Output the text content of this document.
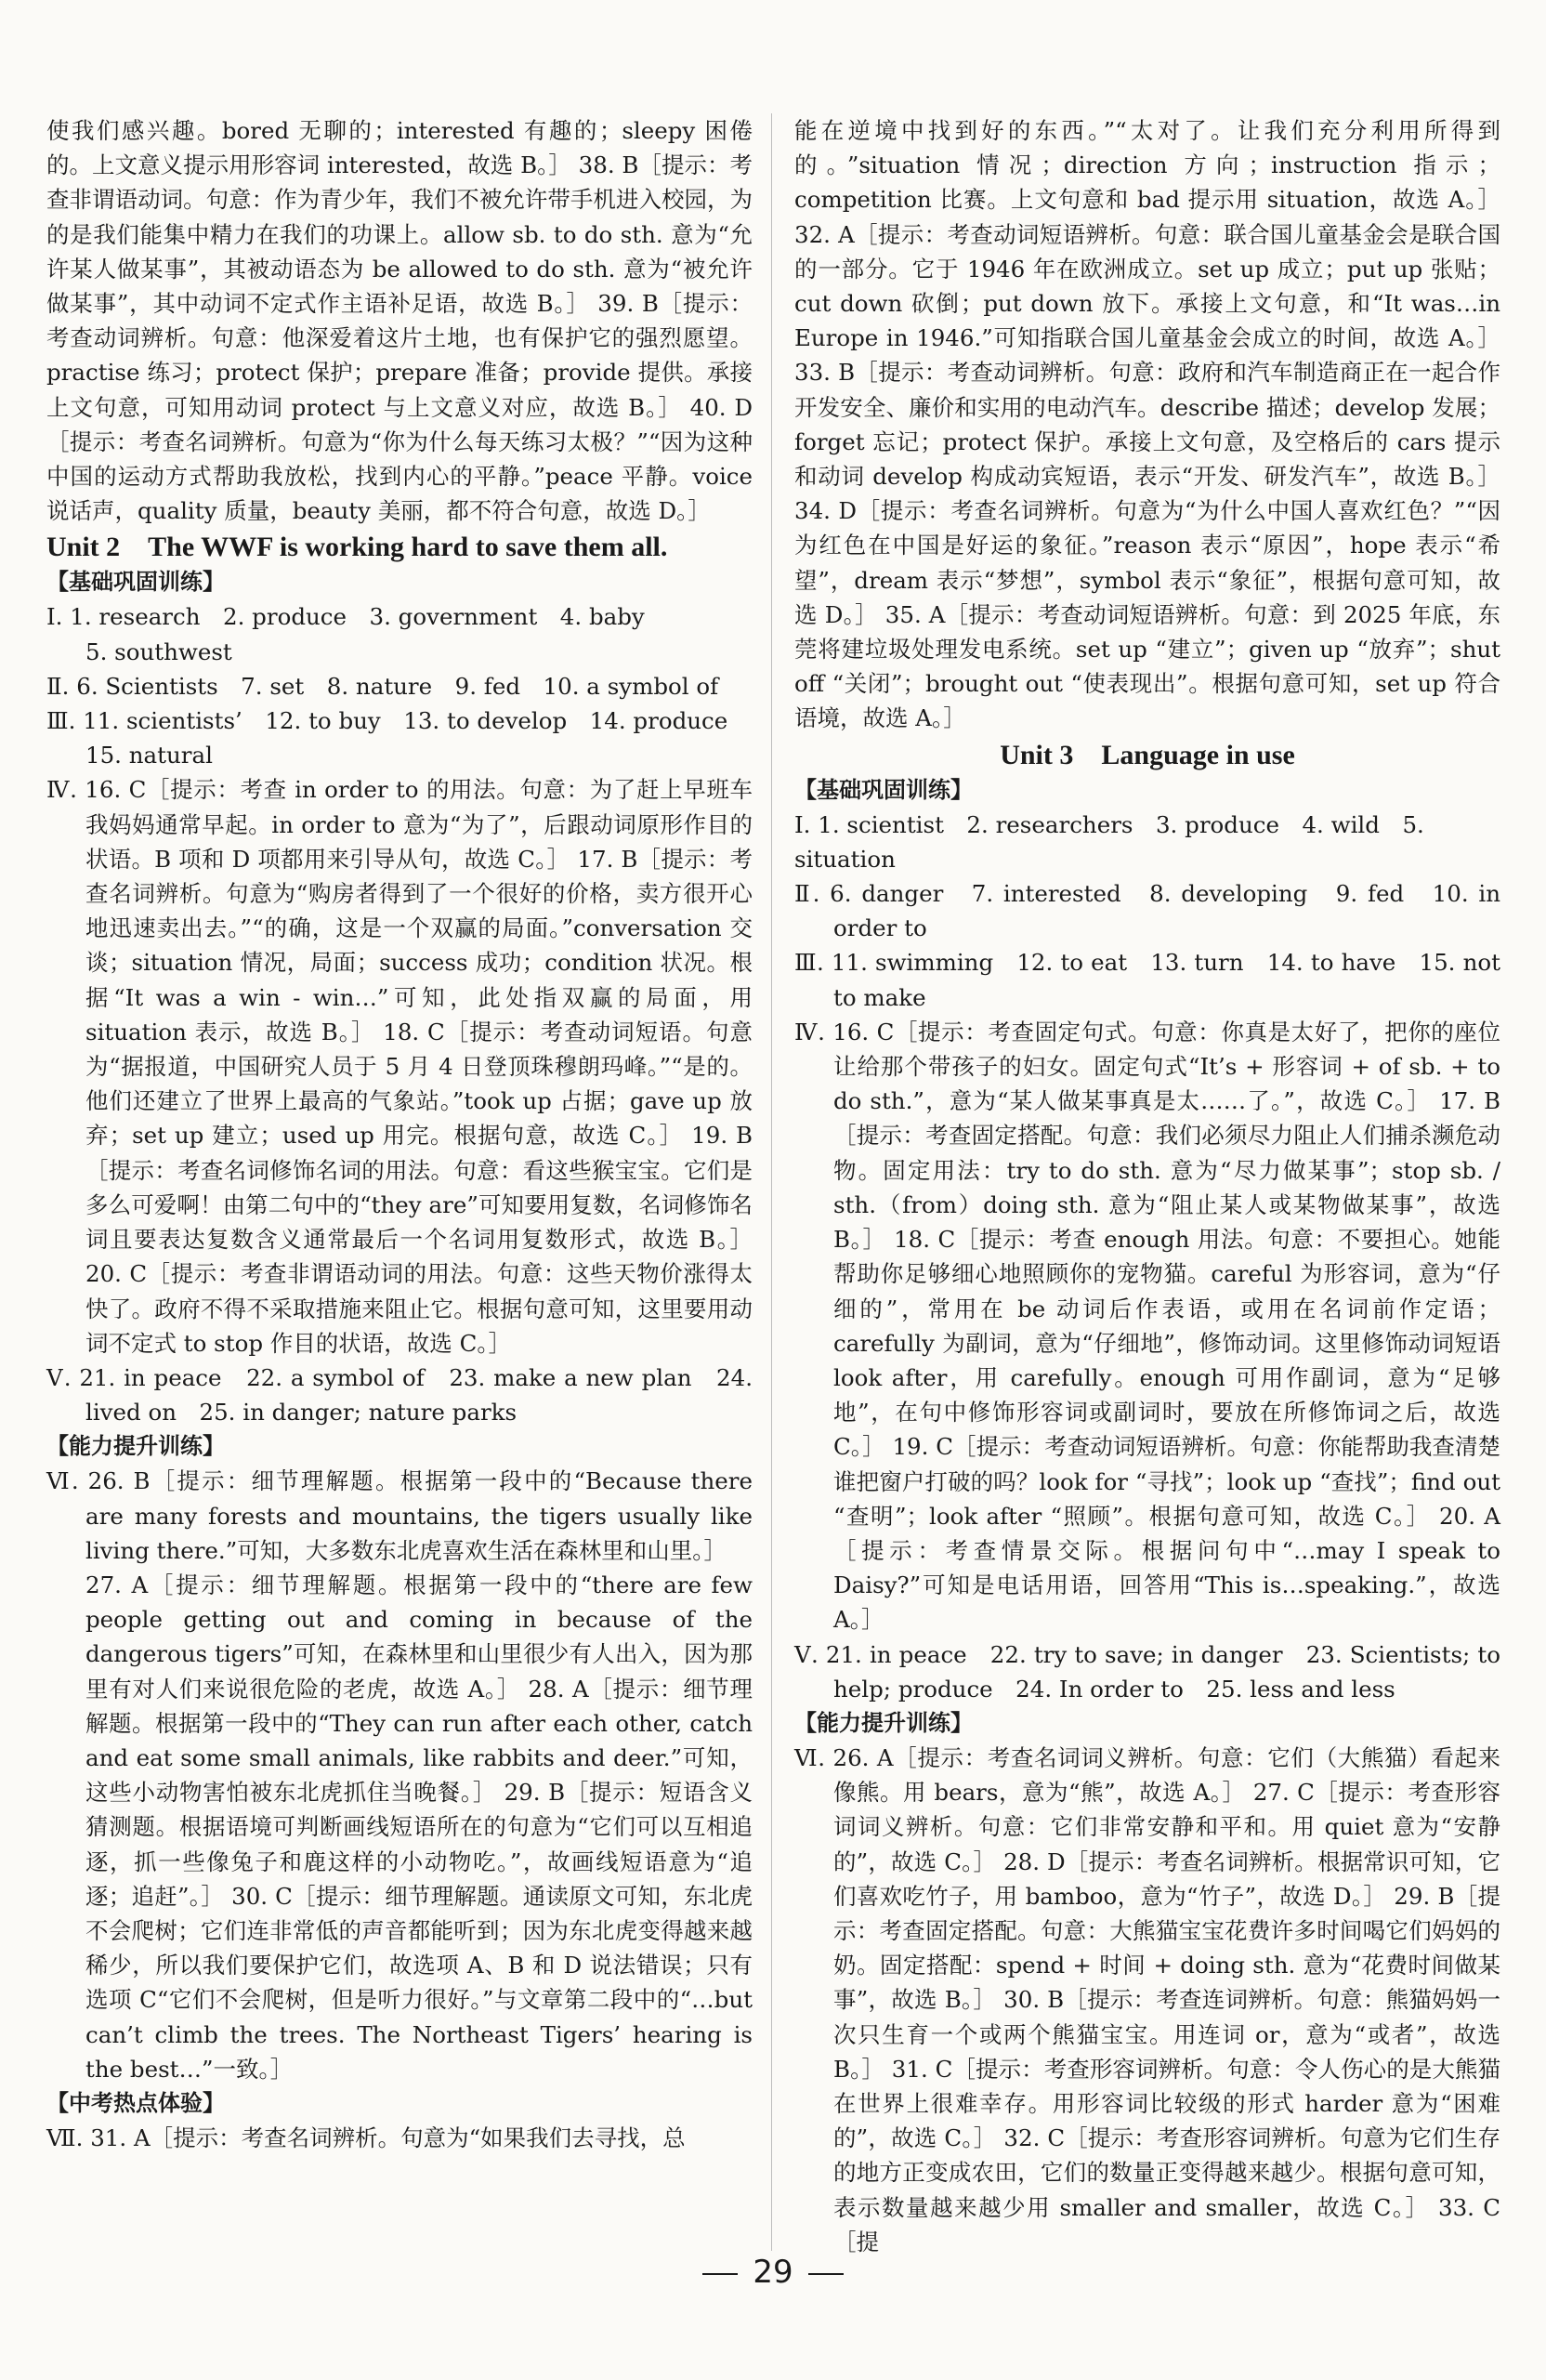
使我们感兴趣。bored 无聊的；interested 有趣的；sleepy 困倦的。上文意义提示用形容词 interested，故选 B。］ 38. B［提示：考查非谓语动词。句意：作为青少年，我们不被允许带手机进入校园，为的是我们能集中精力在我们的功课上。allow sb. to do sth. 意为“允许某人做某事”，其被动语态为 be allowed to do sth. 意为“被允许做某事”，其中动词不定式作主语补足语，故选 B。］ 39. B［提示：考查动词辨析。句意：他深爱着这片土地，也有保护它的强烈愿望。practise 练习；protect 保护；prepare 准备；provide 提供。承接上文句意，可知用动词 protect 与上文意义对应，故选 B。］ 40. D［提示：考查名词辨析。句意为“你为什么每天练习太极？”“因为这种中国的运动方式帮助我放松，找到内心的平静。”peace 平静。voice 说话声，quality 质量，beauty 美丽，都不符合句意，故选 D。］

Unit 2　The WWF is working hard to save them all.

【基础巩固训练】

Ⅰ. 1. research　2. produce　3. government　4. baby

5. southwest

Ⅱ. 6. Scientists　7. set　8. nature　9. fed　10. a symbol of

Ⅲ. 11. scientists’　12. to buy　13. to develop　14. produce

15. natural

Ⅳ. 16. C［提示：考查 in order to 的用法。句意：为了赶上早班车我妈妈通常早起。in order to 意为“为了”，后跟动词原形作目的状语。B 项和 D 项都用来引导从句，故选 C。］ 17. B［提示：考查名词辨析。句意为“购房者得到了一个很好的价格，卖方很开心地迅速卖出去。”“的确，这是一个双赢的局面。”conversation 交谈；situation 情况，局面；success 成功；condition 状况。根据“It was a win - win…”可知，此处指双赢的局面，用 situation 表示，故选 B。］ 18. C［提示：考查动词短语。句意为“据报道，中国研究人员于 5 月 4 日登顶珠穆朗玛峰。”“是的。他们还建立了世界上最高的气象站。”took up 占据；gave up 放弃；set up 建立；used up 用完。根据句意，故选 C。］ 19. B［提示：考查名词修饰名词的用法。句意：看这些猴宝宝。它们是多么可爱啊！由第二句中的“they are”可知要用复数，名词修饰名词且要表达复数含义通常最后一个名词用复数形式，故选 B。］ 20. C［提示：考查非谓语动词的用法。句意：这些天物价涨得太快了。政府不得不采取措施来阻止它。根据句意可知，这里要用动词不定式 to stop 作目的状语，故选 C。］

Ⅴ. 21. in peace　22. a symbol of　23. make a new plan　24. lived on　25. in danger; nature parks

【能力提升训练】

Ⅵ. 26. B［提示：细节理解题。根据第一段中的“Because there are many forests and mountains, the tigers usually like living there.”可知，大多数东北虎喜欢生活在森林里和山里。］

27. A［提示：细节理解题。根据第一段中的“there are few people getting out and coming in because of the dangerous tigers”可知，在森林里和山里很少有人出入，因为那里有对人们来说很危险的老虎，故选 A。］ 28. A［提示：细节理解题。根据第一段中的“They can run after each other, catch and eat some small animals, like rabbits and deer.”可知，这些小动物害怕被东北虎抓住当晚餐。］ 29. B［提示：短语含义猜测题。根据语境可判断画线短语所在的句意为“它们可以互相追逐，抓一些像兔子和鹿这样的小动物吃。”，故画线短语意为“追逐；追赶”。］ 30. C［提示：细节理解题。通读原文可知，东北虎不会爬树；它们连非常低的声音都能听到；因为东北虎变得越来越稀少，所以我们要保护它们，故选项 A、B 和 D 说法错误；只有选项 C“它们不会爬树，但是听力很好。”与文章第二段中的“…but can’t climb the trees. The Northeast Tigers’ hearing is the best…”一致。］

【中考热点体验】

Ⅶ. 31. A［提示：考查名词辨析。句意为“如果我们去寻找，总

能在逆境中找到好的东西。”“太对了。让我们充分利用所得到的。”situation 情况；direction 方向；instruction 指示；competition 比赛。上文句意和 bad 提示用 situation，故选 A。］ 32. A［提示：考查动词短语辨析。句意：联合国儿童基金会是联合国的一部分。它于 1946 年在欧洲成立。set up 成立；put up 张贴；cut down 砍倒；put down 放下。承接上文句意，和“It was…in Europe in 1946.”可知指联合国儿童基金会成立的时间，故选 A。］ 33. B［提示：考查动词辨析。句意：政府和汽车制造商正在一起合作开发安全、廉价和实用的电动汽车。describe 描述；develop 发展；forget 忘记；protect 保护。承接上文句意，及空格后的 cars 提示和动词 develop 构成动宾短语，表示“开发、研发汽车”，故选 B。］ 34. D［提示：考查名词辨析。句意为“为什么中国人喜欢红色？”“因为红色在中国是好运的象征。”reason 表示“原因”，hope 表示“希望”，dream 表示“梦想”，symbol 表示“象征”，根据句意可知，故选 D。］ 35. A［提示：考查动词短语辨析。句意：到 2025 年底，东莞将建垃圾处理发电系统。set up “建立”；given up “放弃”；shut off “关闭”；brought out “使表现出”。根据句意可知，set up 符合语境，故选 A。］

Unit 3　Language in use

【基础巩固训练】

Ⅰ. 1. scientist　2. researchers　3. produce　4. wild　5. situation

Ⅱ. 6. danger　7. interested　8. developing　9. fed　10. in order to

Ⅲ. 11. swimming　12. to eat　13. turn　14. to have　15. not to make

Ⅳ. 16. C［提示：考查固定句式。句意：你真是太好了，把你的座位让给那个带孩子的妇女。固定句式“It’s + 形容词 + of sb. + to do sth.”，意为“某人做某事真是太……了。”，故选 C。］ 17. B［提示：考查固定搭配。句意：我们必须尽力阻止人们捕杀濒危动物。固定用法：try to do sth. 意为“尽力做某事”；stop sb. / sth.（from）doing sth. 意为“阻止某人或某物做某事”，故选 B。］ 18. C［提示：考查 enough 用法。句意：不要担心。她能帮助你足够细心地照顾你的宠物猫。careful 为形容词，意为“仔细的”，常用在 be 动词后作表语，或用在名词前作定语；carefully 为副词，意为“仔细地”，修饰动词。这里修饰动词短语 look after，用 carefully。enough 可用作副词，意为“足够地”，在句中修饰形容词或副词时，要放在所修饰词之后，故选 C。］ 19. C［提示：考查动词短语辨析。句意：你能帮助我查清楚谁把窗户打破的吗？look for “寻找”；look up “查找”；find out “查明”；look after “照顾”。根据句意可知，故选 C。］ 20. A［提示：考查情景交际。根据问句中“…may I speak to Daisy?”可知是电话用语，回答用“This is…speaking.”，故选 A。］

Ⅴ. 21. in peace　22. try to save; in danger　23. Scientists; to help; produce　24. In order to　25. less and less

【能力提升训练】

Ⅵ. 26. A［提示：考查名词词义辨析。句意：它们（大熊猫）看起来像熊。用 bears，意为“熊”，故选 A。］ 27. C［提示：考查形容词词义辨析。句意：它们非常安静和平和。用 quiet 意为“安静的”，故选 C。］ 28. D［提示：考查名词辨析。根据常识可知，它们喜欢吃竹子，用 bamboo，意为“竹子”，故选 D。］ 29. B［提示：考查固定搭配。句意：大熊猫宝宝花费许多时间喝它们妈妈的奶。固定搭配：spend + 时间 + doing sth. 意为“花费时间做某事”，故选 B。］ 30. B［提示：考查连词辨析。句意：熊猫妈妈一次只生育一个或两个熊猫宝宝。用连词 or，意为“或者”，故选 B。］ 31. C［提示：考查形容词辨析。句意：令人伤心的是大熊猫在世界上很难幸存。用形容词比较级的形式 harder 意为“困难的”，故选 C。］ 32. C［提示：考查形容词辨析。句意为它们生存的地方正变成农田，它们的数量正变得越来越少。根据句意可知，表示数量越来越少用 smaller and smaller，故选 C。］ 33. C［提

29
